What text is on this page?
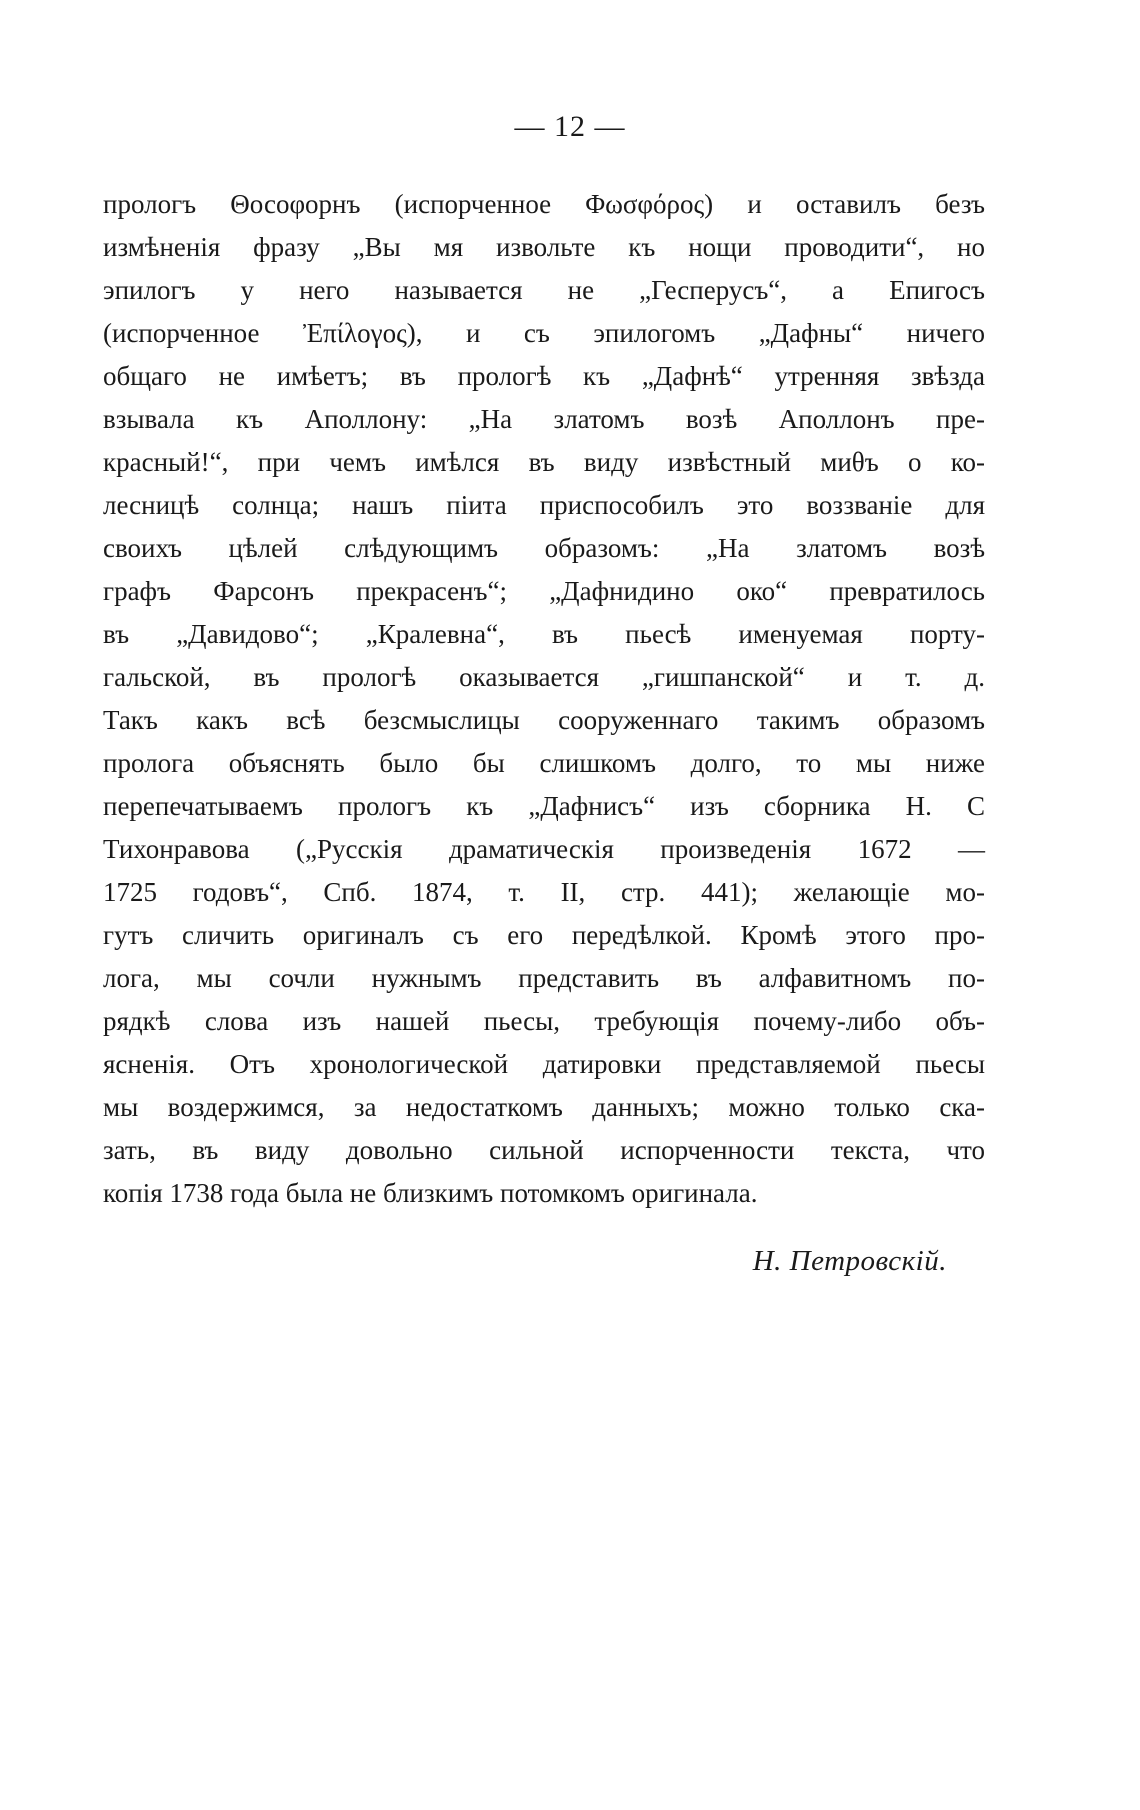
— 12 —
прологъ Θосоφорнъ (испорченное Φωσφόρος) и оставилъ безъ
измѣненія фразу „Вы мя извольте къ нощи проводити“, но
эпилогъ у него называется не „Гесперусъ“, а Епигосъ
(испорченное Ἐπίλογος), и съ эпилогомъ „Дафны“ ничего
общаго не имѣетъ; въ прологѣ къ „Дафнѣ“ утренняя звѣзда
взывала къ Аполлону: „На златомъ возѣ Аполлонъ пре-
красный!“, при чемъ имѣлся въ виду извѣстный миθъ о ко-
лесницѣ солнца; нашъ піита приспособилъ это воззваніе для
своихъ цѣлей слѣдующимъ образомъ: „На златомъ возѣ
графъ Фарсонъ прекрасенъ“; „Дафнидино око“ превратилось
въ „Давидово“; „Кралевна“, въ пьесѣ именуемая порту-
гальской, въ прологѣ оказывается „гишпанской“ и т. д.
Такъ какъ всѣ безсмыслицы сооруженнаго такимъ образомъ
пролога объяснять было бы слишкомъ долго, то мы ниже
перепечатываемъ прологъ къ „Дафнисъ“ изъ сборника Н. С
Тихонравова („Русскія драматическія произведенія 1672 —
1725 годовъ“, Спб. 1874, т. II, стр. 441); желающіе мо-
гутъ сличить оригиналъ съ его передѣлкой. Кромѣ этого про-
лога, мы сочли нужнымъ представить въ алфавитномъ по-
рядкѣ слова изъ нашей пьесы, требующія почему-либо объ-
ясненія. Отъ хронологической датировки представляемой пьесы
мы воздержимся, за недостаткомъ данныхъ; можно только ска-
зать, въ виду довольно сильной испорченности текста, что
копія 1738 года была не близкимъ потомкомъ оригинала.
Н. Петровскій.
